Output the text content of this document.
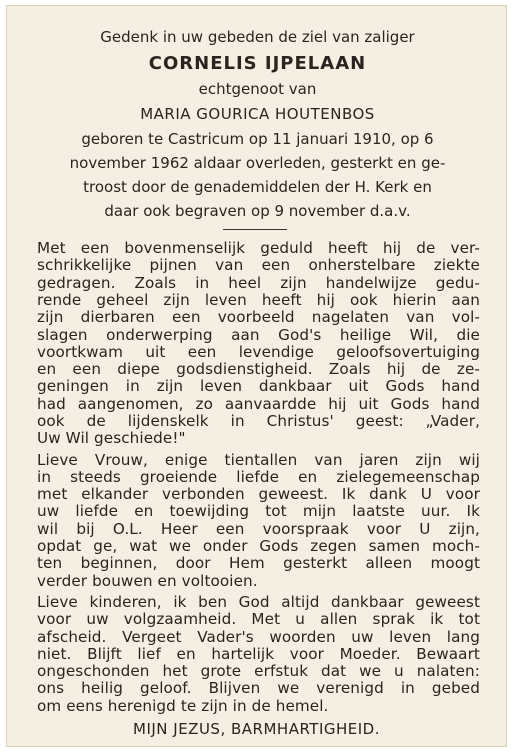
Gedenk in uw gebeden de ziel van zaliger
CORNELIS IJPELAAN
echtgenoot van
MARIA GOURICA HOUTENBOS
geboren te Castricum op 11 januari 1910, op 6
november 1962 aldaar overleden, gesterkt en ge-
troost door de genademiddelen der H. Kerk en
daar ook begraven op 9 november d.a.v.
Met een bovenmenselijk geduld heeft hij de ver-
schrikkelijke pijnen van een onherstelbare ziekte
gedragen. Zoals in heel zijn handelwijze gedu-
rende geheel zijn leven heeft hij ook hierin aan
zijn dierbaren een voorbeeld nagelaten van vol-
slagen onderwerping aan God's heilige Wil, die
voortkwam uit een levendige geloofsovertuiging
en een diepe godsdienstigheid. Zoals hij de ze-
geningen in zijn leven dankbaar uit Gods hand
had aangenomen, zo aanvaardde hij uit Gods hand
ook de lijdenskelk in Christus' geest: „Vader,
Uw Wil geschiede!"
Lieve Vrouw, enige tientallen van jaren zijn wij
in steeds groeiende liefde en zielegemeenschap
met elkander verbonden geweest. Ik dank U voor
uw liefde en toewijding tot mijn laatste uur. Ik
wil bij O.L. Heer een voorspraak voor U zijn,
opdat ge, wat we onder Gods zegen samen moch-
ten beginnen, door Hem gesterkt alleen moogt
verder bouwen en voltooien.
Lieve kinderen, ik ben God altijd dankbaar geweest
voor uw volgzaamheid. Met u allen sprak ik tot
afscheid. Vergeet Vader's woorden uw leven lang
niet. Blijft lief en hartelijk voor Moeder. Bewaart
ongeschonden het grote erfstuk dat we u nalaten:
ons heilig geloof. Blijven we verenigd in gebed
om eens herenigd te zijn in de hemel.
MIJN JEZUS, BARMHARTIGHEID.
